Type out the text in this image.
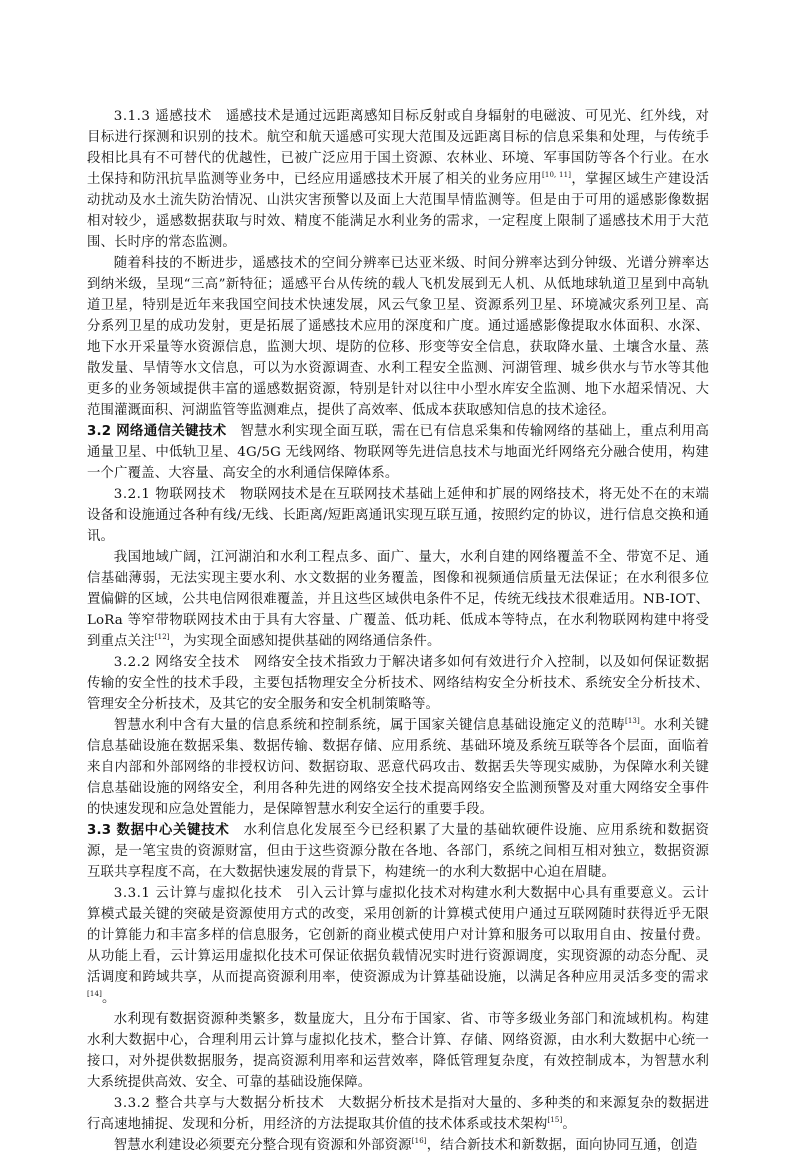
3.1.3 遥感技术　 遥感技术是通过远距离感知目标反射或自身辐射的电磁波、可见光、红外线，对目标进行探测和识别的技术。航空和航天遥感可实现大范围及远距离目标的信息采集和处理，与传统手段相比具有不可替代的优越性，已被广泛应用于国土资源、农林业、环境、军事国防等各个行业。在水土保持和防汛抗旱监测等业务中，已经应用遥感技术开展了相关的业务应用[10, 11]，掌握区域生产建设活动扰动及水土流失防治情况、山洪灾害预警以及面上大范围旱情监测等。但是由于可用的遥感影像数据相对较少，遥感数据获取与时效、精度不能满足水利业务的需求，一定程度上限制了遥感技术用于大范围、长时序的常态监测。

随着科技的不断进步，遥感技术的空间分辨率已达亚米级、时间分辨率达到分钟级、光谱分辨率达到纳米级，呈现“三高”新特征；遥感平台从传统的载人飞机发展到无人机、从低地球轨道卫星到中高轨道卫星，特别是近年来我国空间技术快速发展，风云气象卫星、资源系列卫星、环境减灾系列卫星、高分系列卫星的成功发射，更是拓展了遥感技术应用的深度和广度。通过遥感影像提取水体面积、水深、地下水开采量等水资源信息，监测大坝、堤防的位移、形变等安全信息，获取降水量、土壤含水量、蒸散发量、旱情等水文信息，可以为水资源调查、水利工程安全监测、河湖管理、城乡供水与节水等其他更多的业务领域提供丰富的遥感数据资源，特别是针对以往中小型水库安全监测、地下水超采情况、大范围灌溉面积、河湖监管等监测难点，提供了高效率、低成本获取感知信息的技术途径。

3.2 网络通信关键技术　 智慧水利实现全面互联，需在已有信息采集和传输网络的基础上，重点利用高通量卫星、中低轨卫星、4G/5G 无线网络、物联网等先进信息技术与地面光纤网络充分融合使用，构建一个广覆盖、大容量、高安全的水利通信保障体系。

3.2.1 物联网技术　 物联网技术是在互联网技术基础上延伸和扩展的网络技术，将无处不在的末端设备和设施通过各种有线/无线、长距离/短距离通讯实现互联互通，按照约定的协议，进行信息交换和通讯。

我国地域广阔，江河湖泊和水利工程点多、面广、量大，水利自建的网络覆盖不全、带宽不足、通信基础薄弱，无法实现主要水利、水文数据的业务覆盖，图像和视频通信质量无法保证；在水利很多位置偏僻的区域，公共电信网很难覆盖，并且这些区域供电条件不足，传统无线技术很难适用。NB-IOT、LoRa 等窄带物联网技术由于具有大容量、广覆盖、低功耗、低成本等特点，在水利物联网构建中将受到重点关注[12]，为实现全面感知提供基础的网络通信条件。

3.2.2 网络安全技术　 网络安全技术指致力于解决诸多如何有效进行介入控制，以及如何保证数据传输的安全性的技术手段，主要包括物理安全分析技术、网络结构安全分析技术、系统安全分析技术、管理安全分析技术，及其它的安全服务和安全机制策略等。

智慧水利中含有大量的信息系统和控制系统，属于国家关键信息基础设施定义的范畴[13]。水利关键信息基础设施在数据采集、数据传输、数据存储、应用系统、基础环境及系统互联等各个层面，面临着来自内部和外部网络的非授权访问、数据窃取、恶意代码攻击、数据丢失等现实威胁，为保障水利关键信息基础设施的网络安全，利用各种先进的网络安全技术提高网络安全监测预警及对重大网络安全事件的快速发现和应急处置能力，是保障智慧水利安全运行的重要手段。

3.3 数据中心关键技术　 水利信息化发展至今已经积累了大量的基础软硬件设施、应用系统和数据资源，是一笔宝贵的资源财富，但由于这些资源分散在各地、各部门，系统之间相互相对独立，数据资源互联共享程度不高，在大数据快速发展的背景下，构建统一的水利大数据中心迫在眉睫。

3.3.1 云计算与虚拟化技术　 引入云计算与虚拟化技术对构建水利大数据中心具有重要意义。云计算模式最关键的突破是资源使用方式的改变，采用创新的计算模式使用户通过互联网随时获得近乎无限的计算能力和丰富多样的信息服务，它创新的商业模式使用户对计算和服务可以取用自由、按量付费。从功能上看，云计算运用虚拟化技术可保证依据负载情况实时进行资源调度，实现资源的动态分配、灵活调度和跨域共享，从而提高资源利用率，使资源成为计算基础设施，以满足各种应用灵活多变的需求[14]。

水利现有数据资源种类繁多，数量庞大，且分布于国家、省、市等多级业务部门和流域机构。构建水利大数据中心，合理利用云计算与虚拟化技术，整合计算、存储、网络资源，由水利大数据中心统一接口，对外提供数据服务，提高资源利用率和运营效率，降低管理复杂度，有效控制成本，为智慧水利大系统提供高效、安全、可靠的基础设施保障。

3.3.2 整合共享与大数据分析技术　 大数据分析技术是指对大量的、多种类的和来源复杂的数据进行高速地捕捉、发现和分析，用经济的方法提取其价值的技术体系或技术架构[15]。

智慧水利建设必须要充分整合现有资源和外部资源[16]，结合新技术和新数据，面向协同互通，创造
